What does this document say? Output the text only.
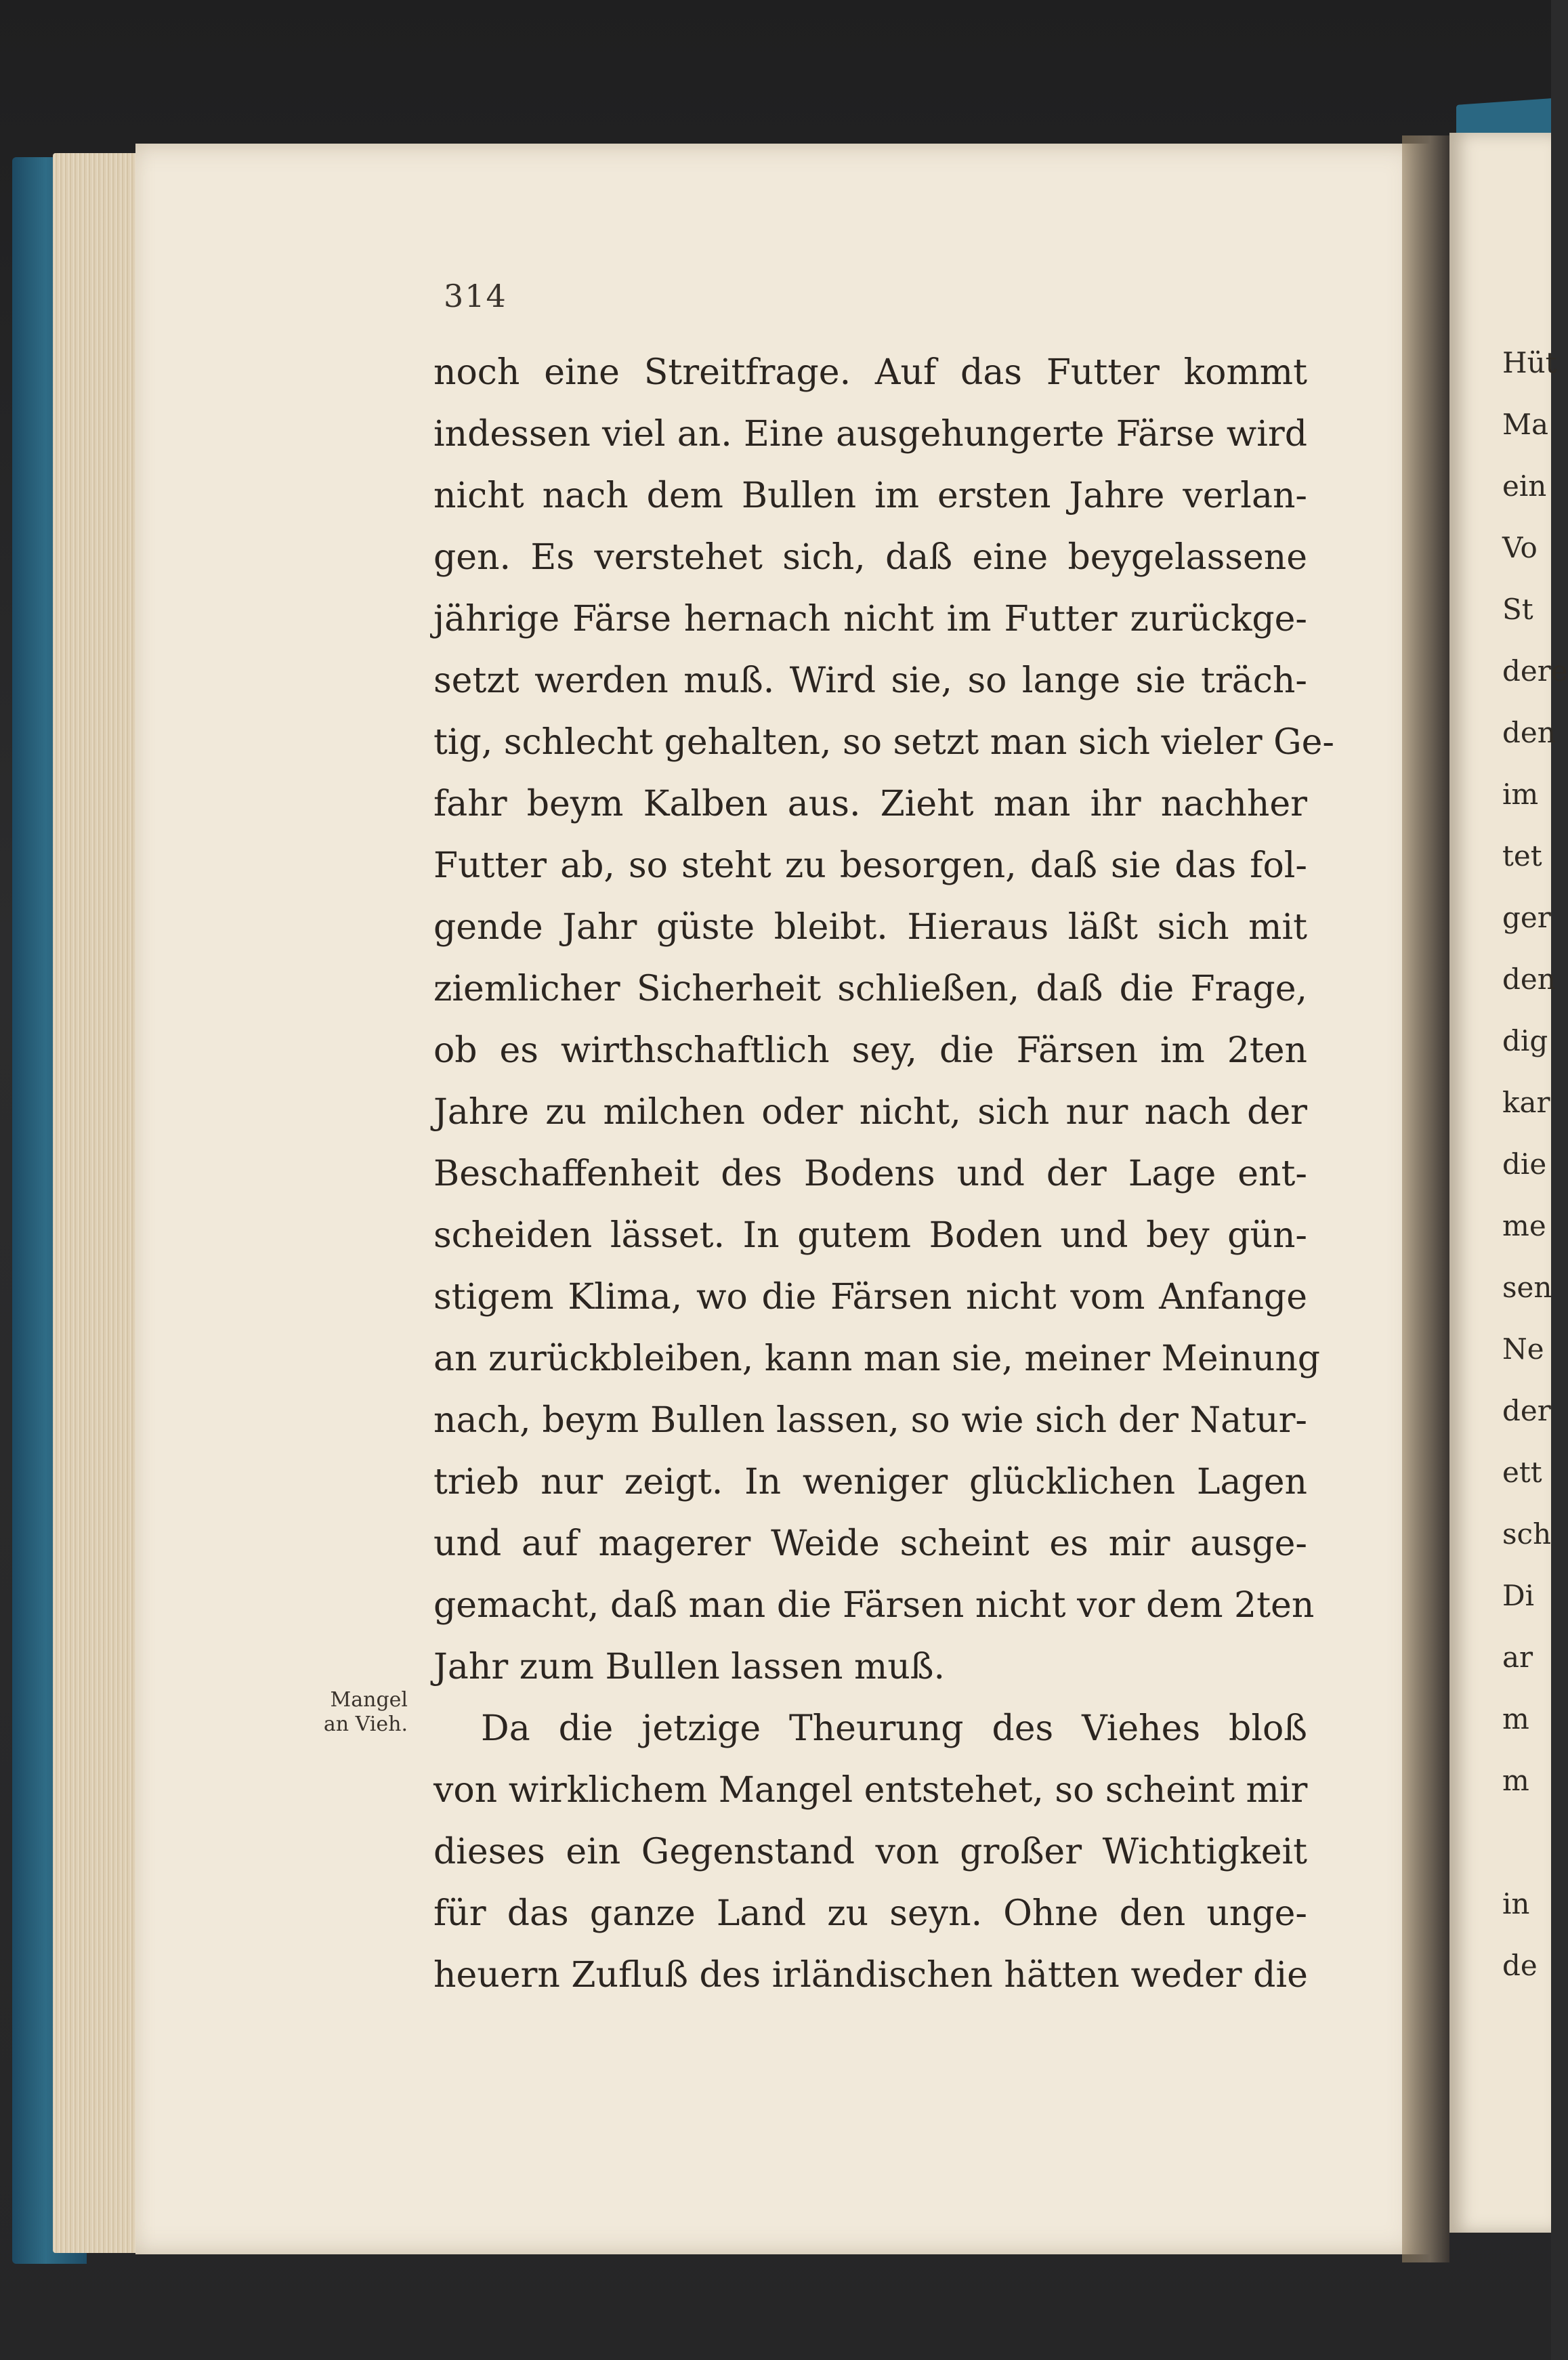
314
noch eine Streitfrage. Auf das Futter kommt
indessen viel an. Eine ausgehungerte Färse wird
nicht nach dem Bullen im ersten Jahre verlan-
gen. Es verstehet sich, daß eine beygelassene
jährige Färse hernach nicht im Futter zurückge-
setzt werden muß. Wird sie, so lange sie träch-
tig, schlecht gehalten, so setzt man sich vieler Ge-
fahr beym Kalben aus. Zieht man ihr nachher
Futter ab, so steht zu besorgen, daß sie das fol-
gende Jahr güste bleibt. Hieraus läßt sich mit
ziemlicher Sicherheit schließen, daß die Frage,
ob es wirthschaftlich sey, die Färsen im 2ten
Jahre zu milchen oder nicht, sich nur nach der
Beschaffenheit des Bodens und der Lage ent-
scheiden lässet. In gutem Boden und bey gün-
stigem Klima, wo die Färsen nicht vom Anfange
an zurückbleiben, kann man sie, meiner Meinung
nach, beym Bullen lassen, so wie sich der Natur-
trieb nur zeigt. In weniger glücklichen Lagen
und auf magerer Weide scheint es mir ausge-
gemacht, daß man die Färsen nicht vor dem 2ten
Jahr zum Bullen lassen muß.
Da die jetzige Theurung des Viehes bloß
von wirklichem Mangel entstehet, so scheint mir
dieses ein Gegenstand von großer Wichtigkeit
für das ganze Land zu seyn. Ohne den unge-
heuern Zufluß des irländischen hätten weder die
Mangel
an Vieh.
Hüt
Ma
ein
Vo
St
dere
den
im
tet
ger
den
dig
kar
die
me
sen
Ne
der
ett
sch
Di
ar
m
m
in
de
